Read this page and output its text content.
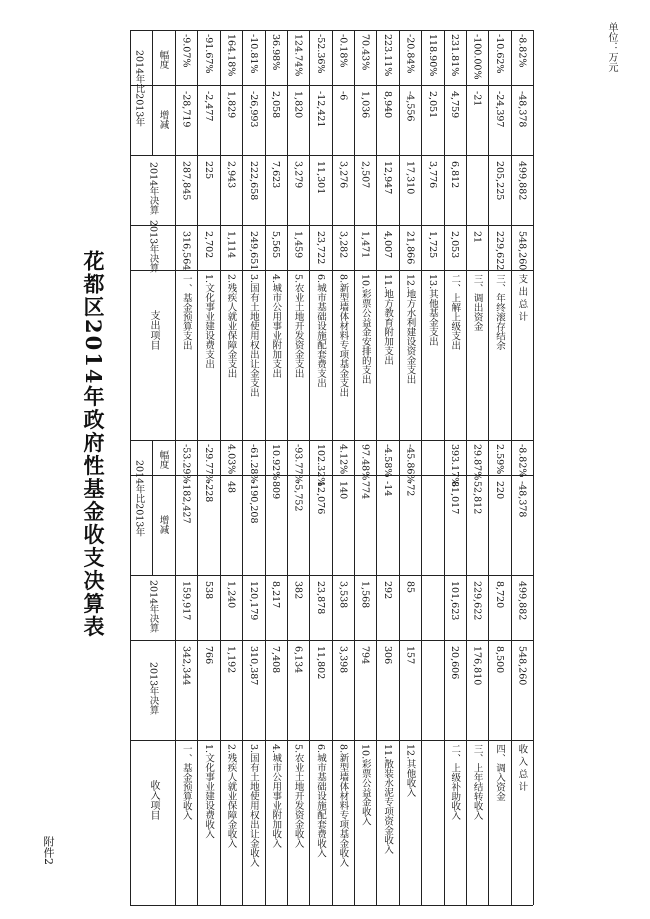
花都区2014年政府性基金收支决算表
附件2
单位：万元
收入项目
2013年决算
2014年决算
2014年比2013年 增减
幅度
一、基金预算收入
342,344
159,917
-182,427
-53.29%
1.文化事业建设费收入
766
538
-228
-29.77%
2.残疾人就业保障金收入
1,192
1,240
48
4.03%
3.国有土地使用权出让金收入
310,387
120,179
-190,208
-61.28%
4.城市公用事业附加收入
7,408
8,217
809
10.92%
5.农业土地开发资金收入
6,134
382
-5,752
-93.77%
6.城市基础设施配套费收入
11,802
23,878
12,076
102.32%
8.新型墙体材料专项基金收入
3,398
3,538
140
4.12%
10.彩票公益金收入
794
1,568
774
97.48%
11.散装水泥专项资金收入
306
292
-14
-4.58%
12.其他收入
157
85
-72
-45.86%
二、上级补助收入
20,606
101,623
81,017
393.17%
三、上年结转收入
176,810
229,622
52,812
29.87%
四、调入资金
8,500
8,720
220
2.59%
收 入 总 计
548,260
499,882
-48,378
-8.82%
支出项目
2013年决算
2014年决算
2014年比2013年 增减
幅度
一、基金预算支出
316,564
287,845
-28,719
-9.07%
1.文化事业建设费支出
2,702
225
-2,477
-91.67%
2.残疾人就业保障金支出
1,114
2,943
1,829
164.18%
3.国有土地使用权出让金支出
249,651
222,658
-26,993
-10.81%
4.城市公用事业附加支出
5,565
7,623
2,058
36.98%
5.农业土地开发资金支出
1,459
3,279
1,820
124.74%
6.城市基础设施配套费支出
23,722
11,301
-12,421
-52.36%
8.新型墙体材料专项基金支出
3,282
3,276
-6
-0.18%
10.彩票公益金安排的支出
1,471
2,507
1,036
70.43%
11.地方教育附加支出
4,007
12,947
8,940
223.11%
12.地方水利建设资金支出
21,866
17,310
-4,556
-20.84%
13.其他基金支出
1,725
3,776
2,051
118.90%
二、上解上级支出
2,053
6,812
4,759
231.81%
三、调出资金
21
-21
-100.00%
三、年终滚存结余
229,622
205,225
-24,397
-10.62%
支 出 总 计
548,260
499,882
-48,378
-8.82%
